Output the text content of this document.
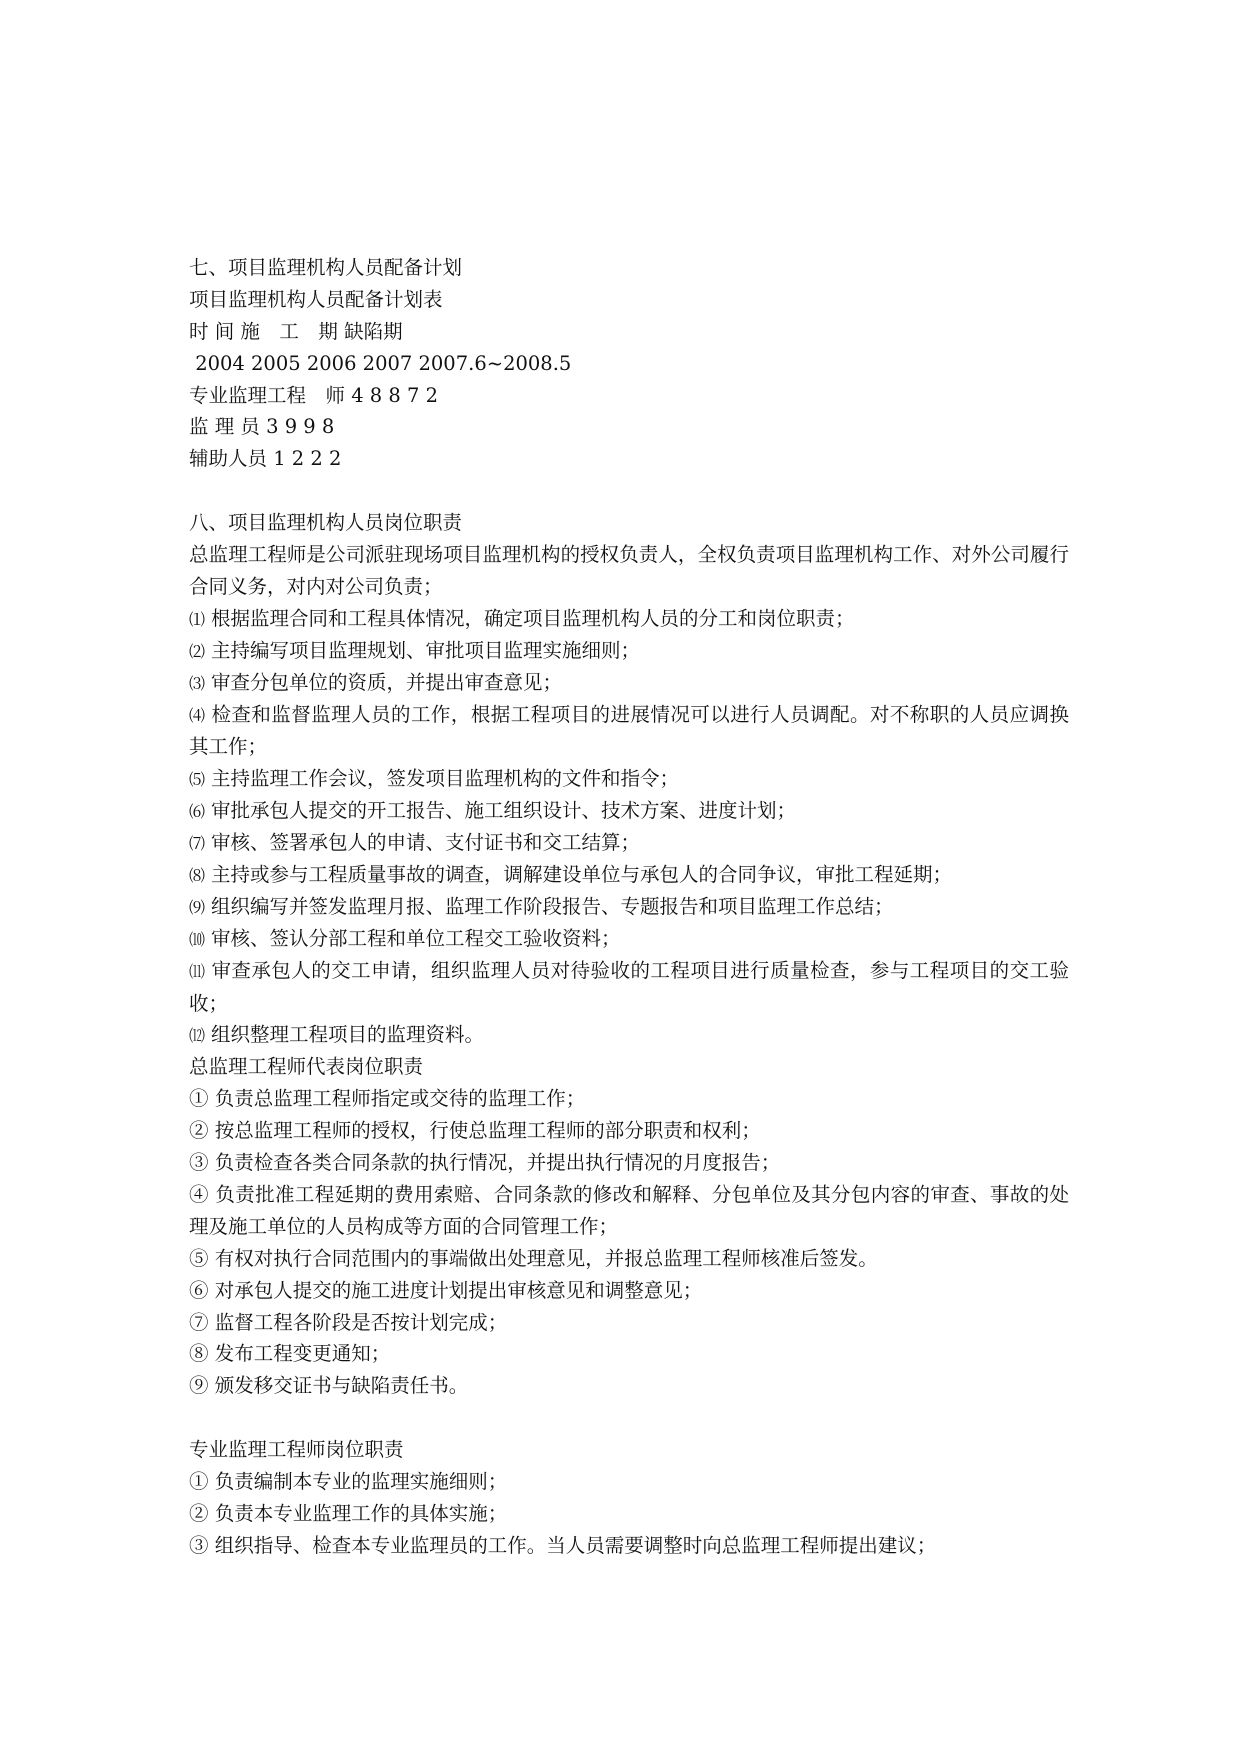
七、项目监理机构人员配备计划
项目监理机构人员配备计划表
时 间 施　工　期 缺陷期
2004 2005 2006 2007 2007.6~2008.5
专业监理工程　师 4 8 8 7 2
监 理 员 3 9 9 8
辅助人员 1 2 2 2
八、项目监理机构人员岗位职责
总监理工程师是公司派驻现场项目监理机构的授权负责人，全权负责项目监理机构工作、对外公司履行合同义务，对内对公司负责；
⑴ 根据监理合同和工程具体情况，确定项目监理机构人员的分工和岗位职责；
⑵ 主持编写项目监理规划、审批项目监理实施细则；
⑶ 审查分包单位的资质，并提出审查意见；
⑷ 检查和监督监理人员的工作，根据工程项目的进展情况可以进行人员调配。对不称职的人员应调换其工作；
⑸ 主持监理工作会议，签发项目监理机构的文件和指令；
⑹ 审批承包人提交的开工报告、施工组织设计、技术方案、进度计划；
⑺ 审核、签署承包人的申请、支付证书和交工结算；
⑻ 主持或参与工程质量事故的调查，调解建设单位与承包人的合同争议，审批工程延期；
⑼ 组织编写并签发监理月报、监理工作阶段报告、专题报告和项目监理工作总结；
⑽ 审核、签认分部工程和单位工程交工验收资料；
⑾ 审查承包人的交工申请，组织监理人员对待验收的工程项目进行质量检查，参与工程项目的交工验收；
⑿ 组织整理工程项目的监理资料。
总监理工程师代表岗位职责
① 负责总监理工程师指定或交待的监理工作；
② 按总监理工程师的授权，行使总监理工程师的部分职责和权利；
③ 负责检查各类合同条款的执行情况，并提出执行情况的月度报告；
④ 负责批准工程延期的费用索赔、合同条款的修改和解释、分包单位及其分包内容的审查、事故的处理及施工单位的人员构成等方面的合同管理工作；
⑤ 有权对执行合同范围内的事端做出处理意见，并报总监理工程师核准后签发。
⑥ 对承包人提交的施工进度计划提出审核意见和调整意见；
⑦ 监督工程各阶段是否按计划完成；
⑧ 发布工程变更通知；
⑨ 颁发移交证书与缺陷责任书。
专业监理工程师岗位职责
① 负责编制本专业的监理实施细则；
② 负责本专业监理工作的具体实施；
③ 组织指导、检查本专业监理员的工作。当人员需要调整时向总监理工程师提出建议；
